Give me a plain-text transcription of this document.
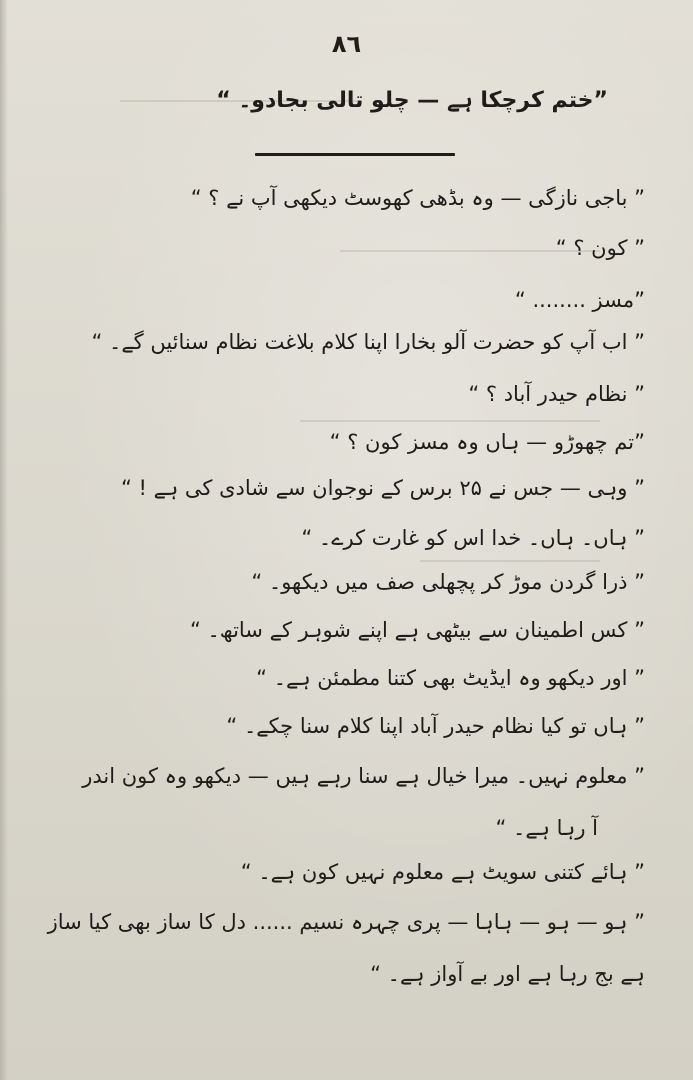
۸٦
”ختم کرچکا ہے — چلو تالی بجادو۔ “
” باجی نازگی — وہ بڈھی کھوسٹ دیکھی آپ نے ؟ “
” کون ؟ “
”مسز ........ “
” اب آپ کو حضرت آلو بخارا اپنا کلام بلاغت نظام سنائیں گے۔ “
” نظام حیدر آباد ؟ “
”تم چھوڑو — ہاں وہ مسز کون ؟ “
” وہی — جس نے ۲۵ برس کے نوجوان سے شادی کی ہے ! “
” ہاں۔ ہاں۔ خدا اس کو غارت کرے۔ “
” ذرا گردن موڑ کر پچھلی صف میں دیکھو۔ “
” کس اطمینان سے بیٹھی ہے اپنے شوہر کے ساتھ۔ “
” اور دیکھو وہ ایڈیٹ بھی کتنا مطمئن ہے۔ “
” ہاں تو کیا نظام حیدر آباد اپنا کلام سنا چکے۔ “
” معلوم نہیں۔ میرا خیال ہے سنا رہے ہیں — دیکھو وہ کون اندر
آ رہا ہے۔ “
” ہائے کتنی سویٹ ہے معلوم نہیں کون ہے۔ “
” ہو — ہو — ہاہا — پری چہرہ نسیم ...... دل کا ساز بھی کیا ساز
ہے بج رہا ہے اور بے آواز ہے۔ “
